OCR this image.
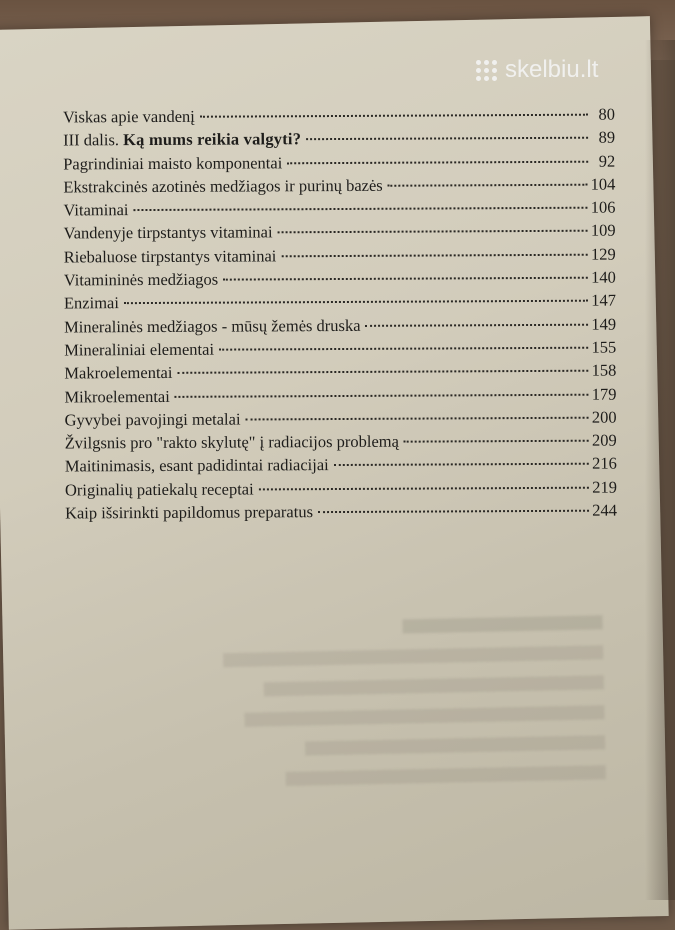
skelbiu.lt
Viskas apie vandenį	80
III dalis. Ką mums reikia valgyti?	89
Pagrindiniai maisto komponentai	92
Ekstrakcinės azotinės medžiagos ir purinų bazės	104
Vitaminai	106
Vandenyje tirpstantys vitaminai	109
Riebaluose tirpstantys vitaminai	129
Vitamininės medžiagos	140
Enzimai	147
Mineralinės medžiagos - mūsų žemės druska	149
Mineraliniai elementai	155
Makroelementai	158
Mikroelementai	179
Gyvybei pavojingi metalai	200
Žvilgsnis pro "rakto skylutę" į radiacijos problemą	209
Maitinimasis, esant padidintai radiacijai	216
Originalių patiekalų receptai	219
Kaip išsirinkti papildomus preparatus	244
